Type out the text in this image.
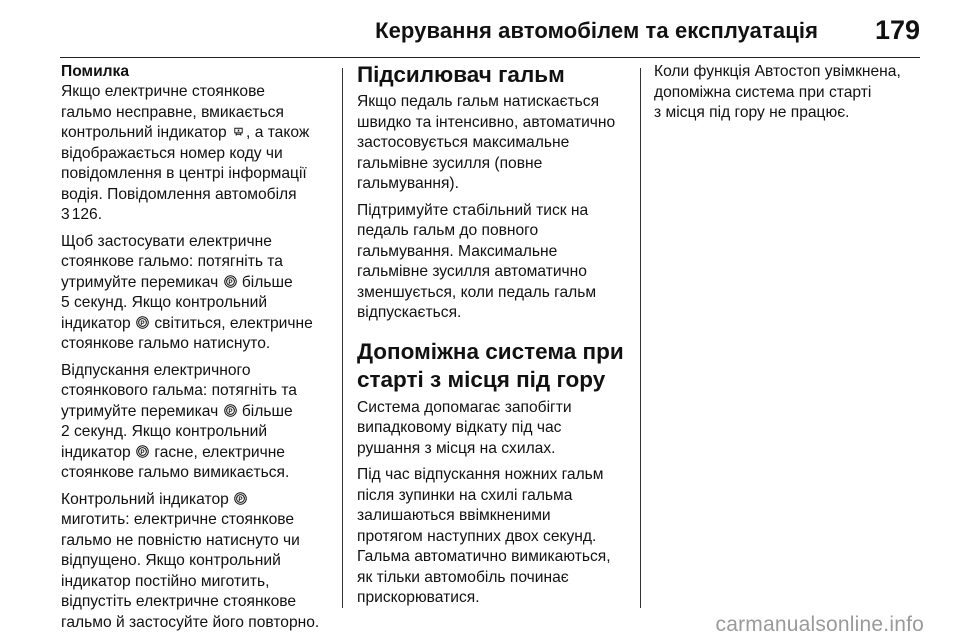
Керування автомобілем та експлуатація 179
Помилка
Якщо електричне стоянкове
гальмо несправне, вмикається
контрольний індикатор , а також
відображається номер коду чи
повідомлення в центрі інформації
водія. Повідомлення автомобіля
3 126.
Щоб застосувати електричне
стоянкове гальмо: потягніть та
утримуйте перемикач  більше
5 секунд. Якщо контрольний
індикатор  світиться, електричне
стоянкове гальмо натиснуто.
Відпускання електричного
стоянкового гальма: потягніть та
утримуйте перемикач  більше
2 секунд. Якщо контрольний
індикатор  гасне, електричне
стоянкове гальмо вимикається.
Контрольний індикатор
миготить: електричне стоянкове
гальмо не повністю натиснуто чи
відпущено. Якщо контрольний
індикатор постійно миготить,
відпустіть електричне стоянкове
гальмо й застосуйте його повторно.
Підсилювач гальм
Якщо педаль гальм натискається
швидко та інтенсивно, автоматично
застосовується максимальне
гальмівне зусилля (повне
гальмування).
Підтримуйте стабільний тиск на
педаль гальм до повного
гальмування. Максимальне
гальмівне зусилля автоматично
зменшується, коли педаль гальм
відпускається.
Допоміжна система при
старті з місця під гору
Система допомагає запобігти
випадковому відкату під час
рушання з місця на схилах.
Під час відпускання ножних гальм
після зупинки на схилі гальма
залишаються ввімкненими
протягом наступних двох секунд.
Гальма автоматично вимикаються,
як тільки автомобіль починає
прискорюватися.
Коли функція Автостоп увімкнена,
допоміжна система при старті
з місця під гору не працює.
carmanualsonline.info
